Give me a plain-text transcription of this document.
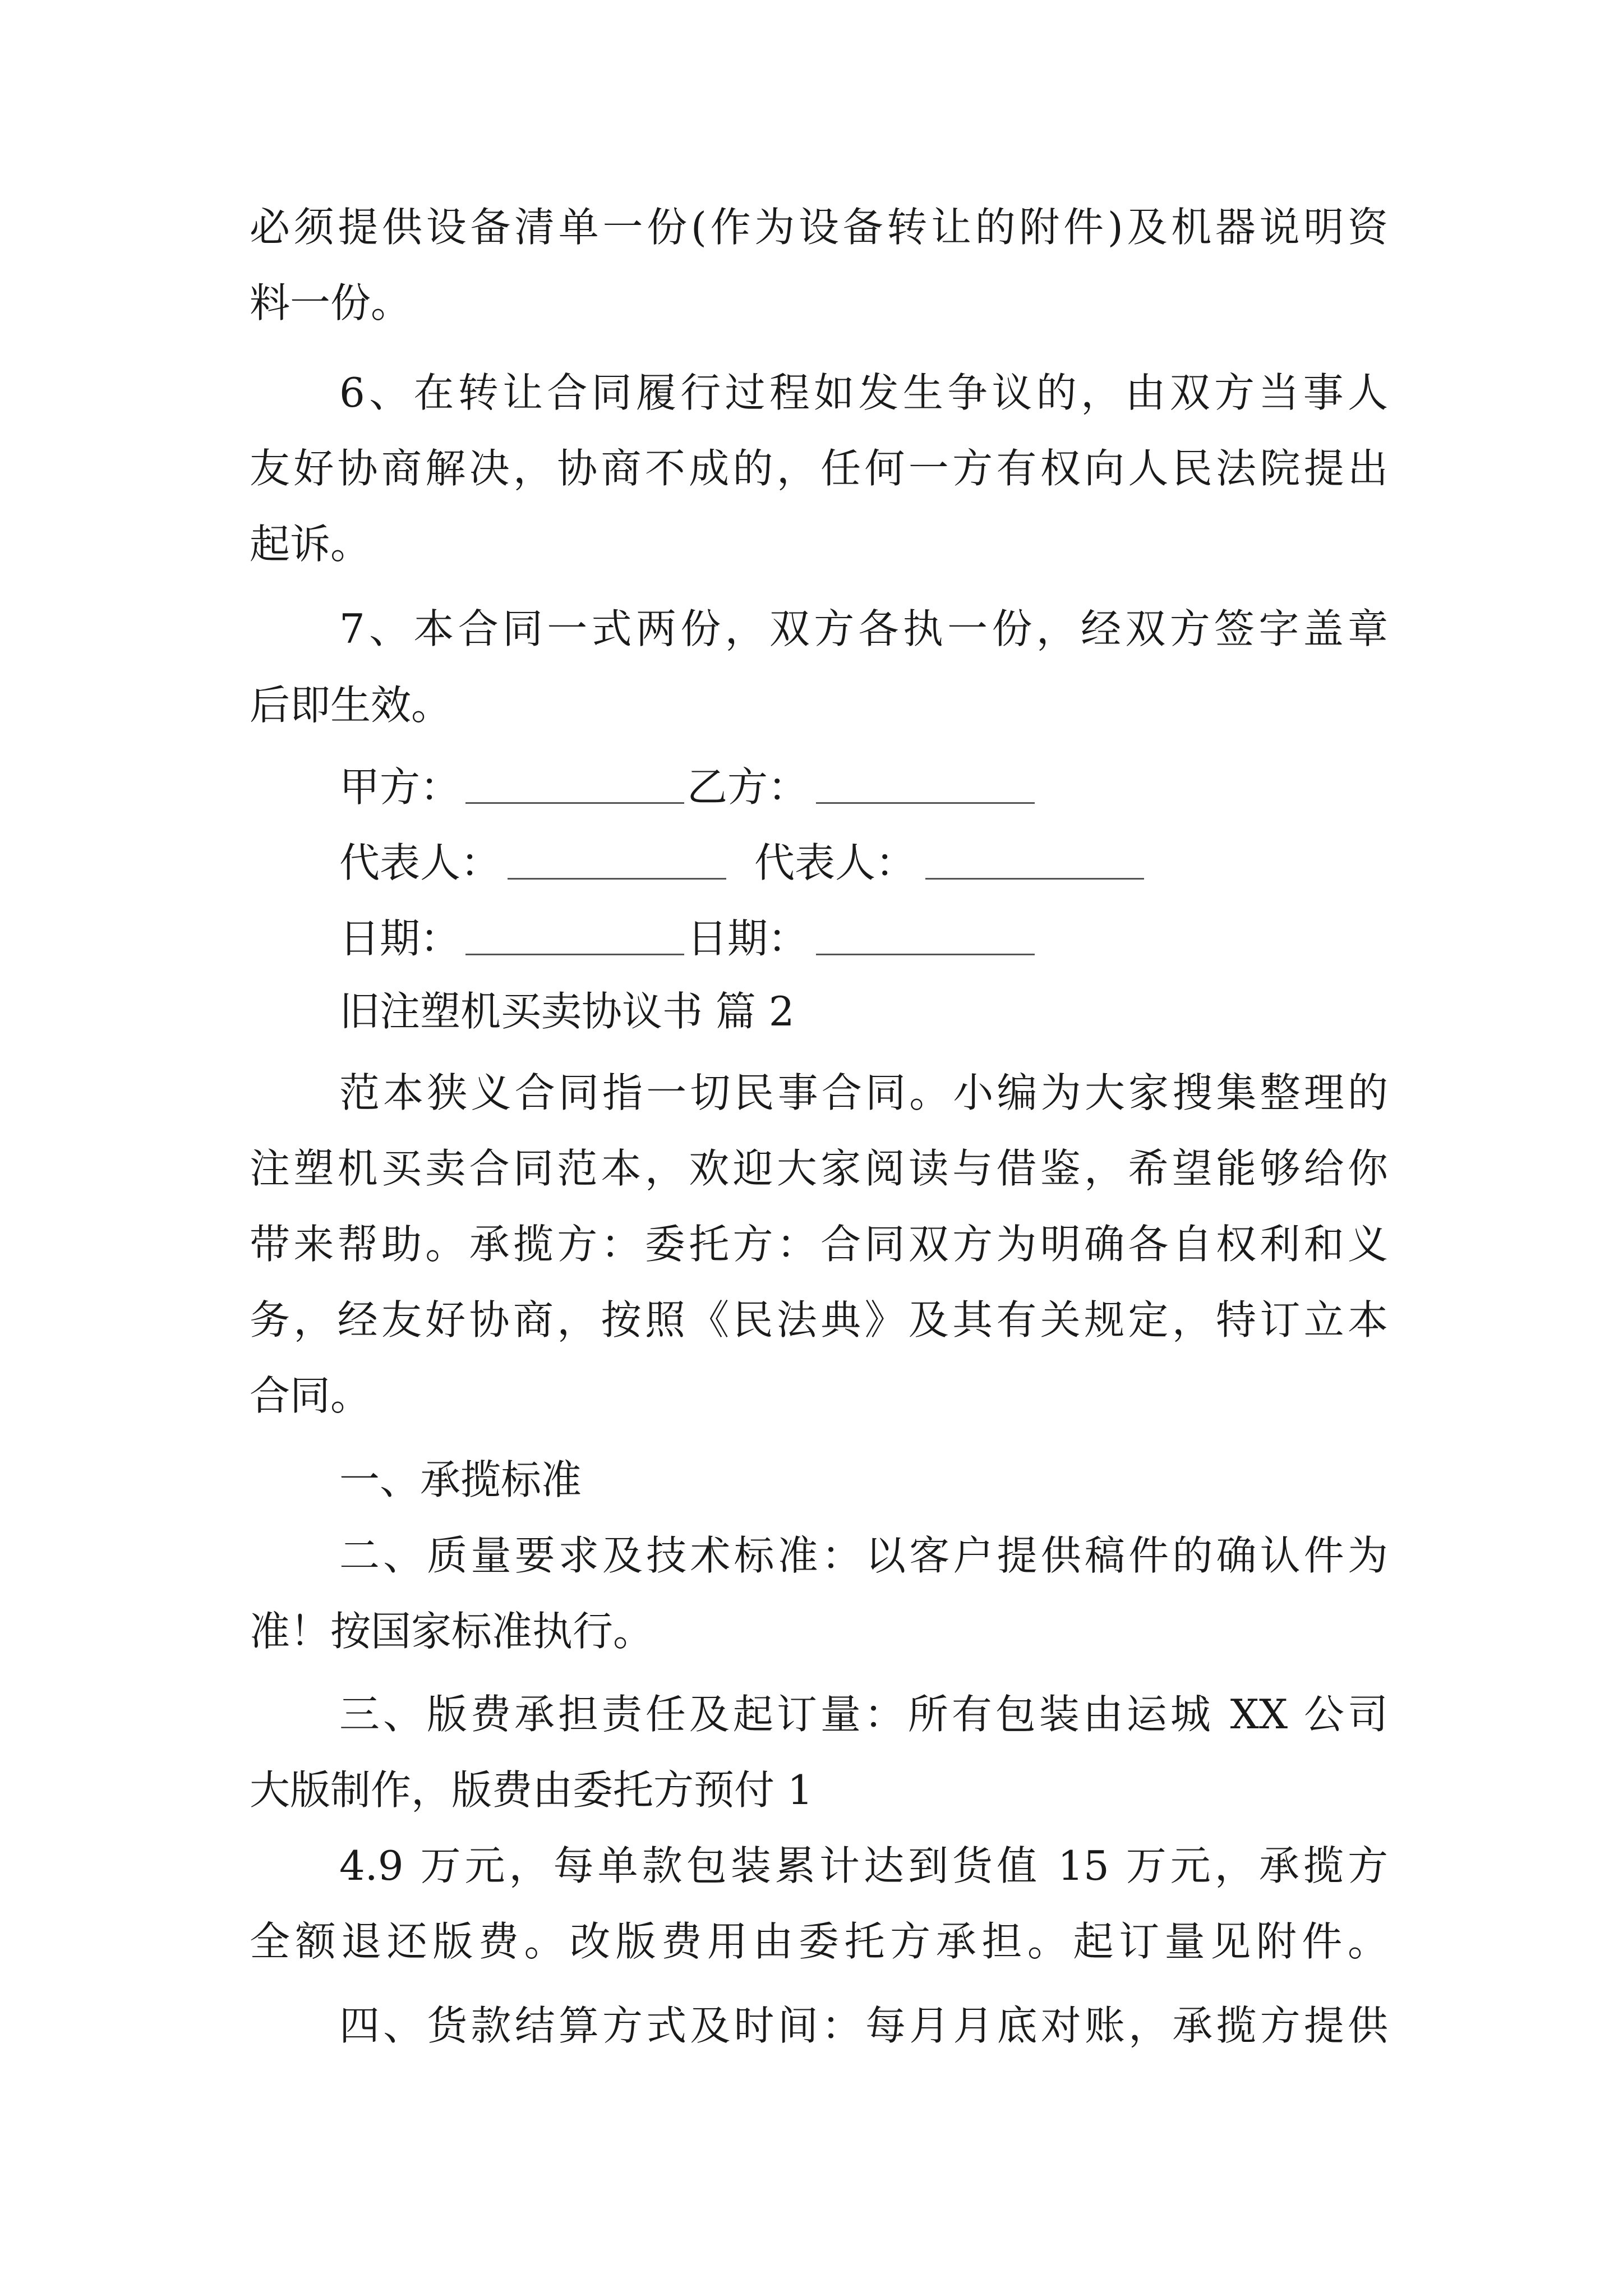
必须提供设备清单一份(作为设备转让的附件)及机器说明资
料一份。
6、在转让合同履行过程如发生争议的，由双方当事人
友好协商解决，协商不成的，任何一方有权向人民法院提出
起诉。
7、本合同一式两份，双方各执一份，经双方签字盖章
后即生效。
甲方：	乙方：
代表人：	代表人：
日期：	日期：
旧注塑机买卖协议书 篇 2
范本狭义合同指一切民事合同。小编为大家搜集整理的
注塑机买卖合同范本，欢迎大家阅读与借鉴，希望能够给你
带来帮助。承揽方：委托方：合同双方为明确各自权利和义
务，经友好协商，按照《民法典》及其有关规定，特订立本
合同。
一、承揽标准
二、质量要求及技术标准：以客户提供稿件的确认件为
准！按国家标准执行。
三、版费承担责任及起订量：所有包装由运城 XX 公司
大版制作，版费由委托方预付 1
4.9 万元，每单款包装累计达到货值 15 万元，承揽方
全额退还版费。改版费用由委托方承担。起订量见附件。
四、货款结算方式及时间：每月月底对账，承揽方提供
